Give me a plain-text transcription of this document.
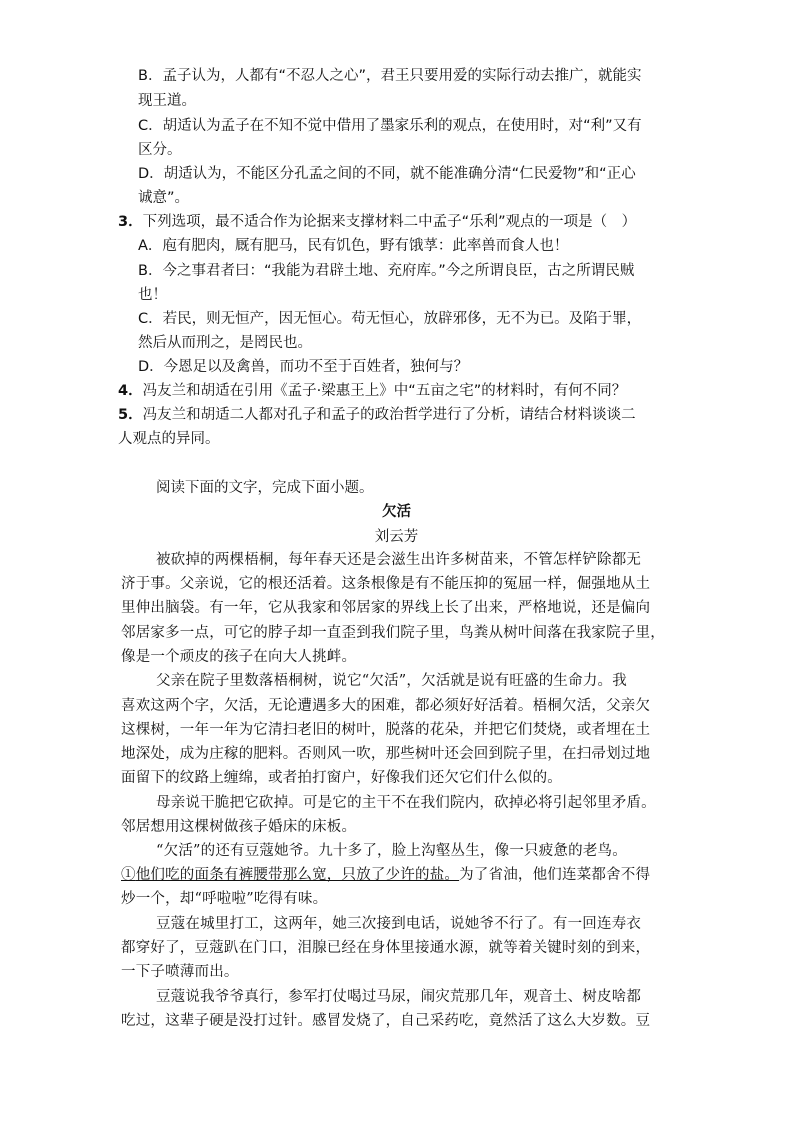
B．孟子认为，人都有“不忍人之心”，君王只要用爱的实际行动去推广，就能实
现王道。
C．胡适认为孟子在不知不觉中借用了墨家乐利的观点，在使用时，对“利”又有
区分。
D．胡适认为，不能区分孔孟之间的不同，就不能准确分清“仁民爱物”和“正心
诚意”。
3．下列选项，最不适合作为论据来支撑材料二中孟子“乐利”观点的一项是（　）
A．庖有肥肉，厩有肥马，民有饥色，野有饿莩：此率兽而食人也！
B．今之事君者曰：“我能为君辟土地、充府库。”今之所谓良臣，古之所谓民贼
也！
C．若民，则无恒产，因无恒心。苟无恒心，放辟邪侈，无不为已。及陷于罪，
然后从而刑之，是罔民也。
D．今恩足以及禽兽，而功不至于百姓者，独何与？
4．冯友兰和胡适在引用《孟子·梁惠王上》中“五亩之宅”的材料时，有何不同？
5．冯友兰和胡适二人都对孔子和孟子的政治哲学进行了分析，请结合材料谈谈二
人观点的异同。
阅读下面的文字，完成下面小题。
欠活
刘云芳
被砍掉的两棵梧桐，每年春天还是会滋生出许多树苗来，不管怎样铲除都无
济于事。父亲说，它的根还活着。这条根像是有不能压抑的冤屈一样，倔强地从土
里伸出脑袋。有一年，它从我家和邻居家的界线上长了出来，严格地说，还是偏向
邻居家多一点，可它的脖子却一直歪到我们院子里，鸟粪从树叶间落在我家院子里，
像是一个顽皮的孩子在向大人挑衅。
父亲在院子里数落梧桐树，说它“欠活”，欠活就是说有旺盛的生命力。我
喜欢这两个字，欠活，无论遭遇多大的困难，都必须好好活着。梧桐欠活，父亲欠
这棵树，一年一年为它清扫老旧的树叶，脱落的花朵，并把它们焚烧，或者埋在土
地深处，成为庄稼的肥料。否则风一吹，那些树叶还会回到院子里，在扫帚划过地
面留下的纹路上缠绵，或者拍打窗户，好像我们还欠它们什么似的。
母亲说干脆把它砍掉。可是它的主干不在我们院内，砍掉必将引起邻里矛盾。
邻居想用这棵树做孩子婚床的床板。
“欠活”的还有豆蔻她爷。九十多了，脸上沟壑丛生，像一只疲惫的老鸟。
①他们吃的面条有裤腰带那么宽，只放了少许的盐。为了省油，他们连菜都舍不得
炒一个，却“呼啦啦”吃得有味。
豆蔻在城里打工，这两年，她三次接到电话，说她爷不行了。有一回连寿衣
都穿好了，豆蔻趴在门口，泪腺已经在身体里接通水源，就等着关键时刻的到来，
一下子喷薄而出。
豆蔻说我爷爷真行，参军打仗喝过马尿，闹灾荒那几年，观音土、树皮啥都
吃过，这辈子硬是没打过针。感冒发烧了，自己采药吃，竟然活了这么大岁数。豆
